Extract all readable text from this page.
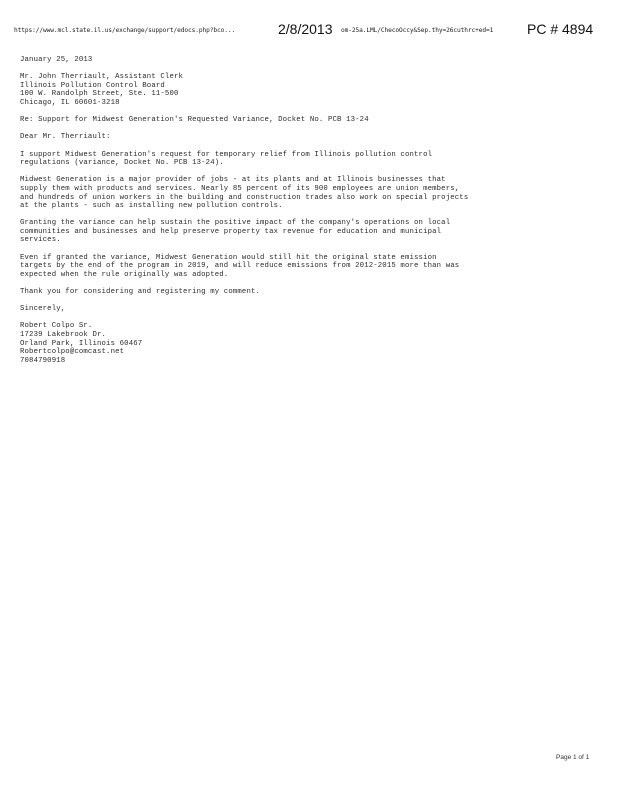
https://www.mcl.state.il.us/exchange/support/edocs.php?bco...	2/8/2013 om-25a.LML/ChecoOccy&Sep.thy=26cuthrc+ed=1	PC # 4894
January 25, 2013
Mr. John Therriault, Assistant Clerk
Illinois Pollution Control Board
100 W. Randolph Street, Ste. 11-500
Chicago, IL 60601-3218
Re: Support for Midwest Generation's Requested Variance, Docket No. PCB 13-24
Dear Mr. Therriault:
I support Midwest Generation's request for temporary relief from Illinois pollution control
regulations (variance, Docket No. PCB 13-24).
Midwest Generation is a major provider of jobs - at its plants and at Illinois businesses that
supply them with products and services. Nearly 85 percent of its 900 employees are union members,
and hundreds of union workers in the building and construction trades also work on special projects
at the plants - such as installing new pollution controls.
Granting the variance can help sustain the positive impact of the company's operations on local
communities and businesses and help preserve property tax revenue for education and municipal
services.
Even if granted the variance, Midwest Generation would still hit the original state emission
targets by the end of the program in 2019, and will reduce emissions from 2012-2015 more than was
expected when the rule originally was adopted.
Thank you for considering and registering my comment.
Sincerely,
Robert Colpo Sr.
17239 Lakebrook Dr.
Orland Park, Illinois 60467
Robertcolpo@comcast.net
7084790918
Page 1 of 1
